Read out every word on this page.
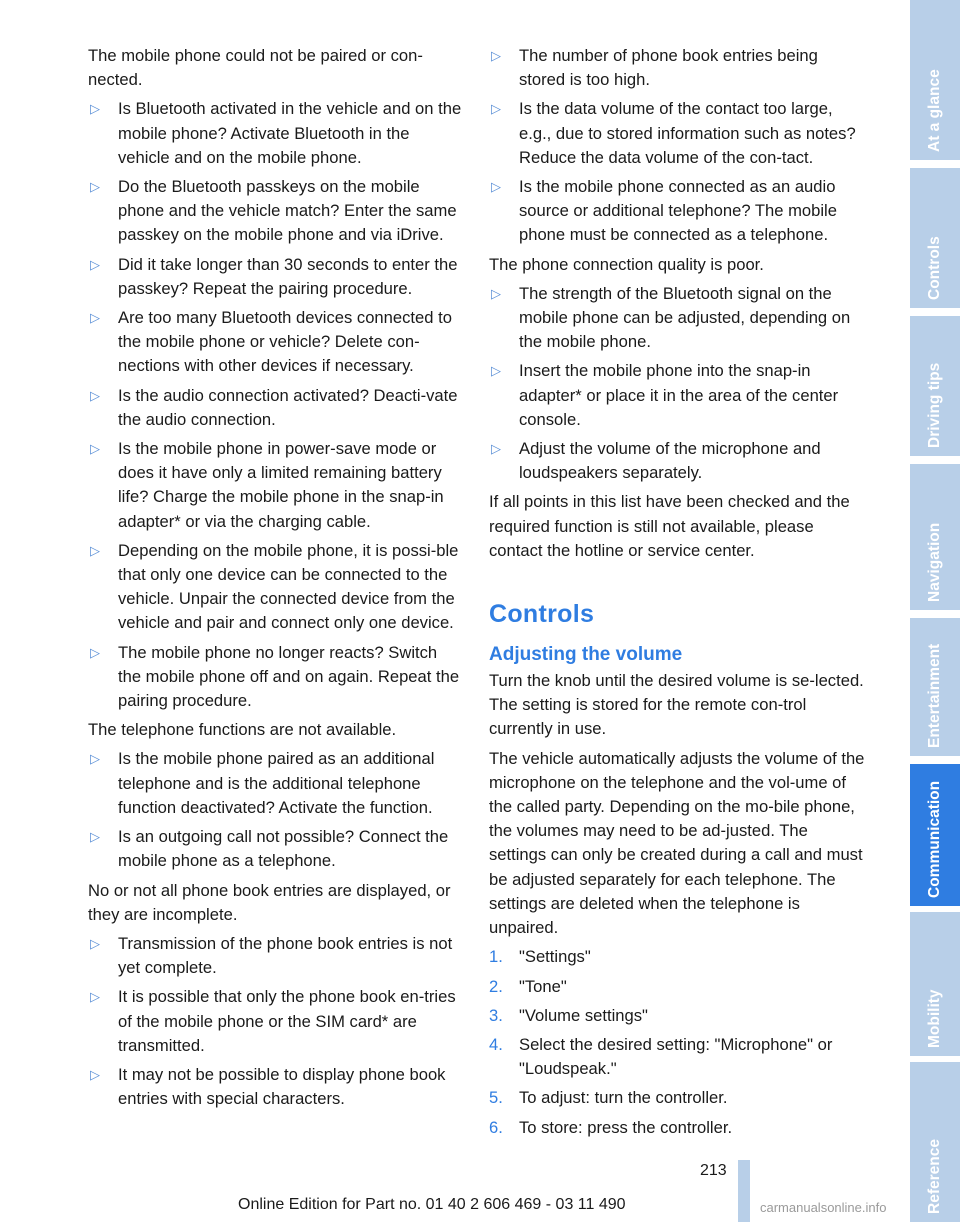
The mobile phone could not be paired or con-nected.
▷ Is Bluetooth activated in the vehicle and on the mobile phone? Activate Bluetooth in the vehicle and on the mobile phone.
▷ Do the Bluetooth passkeys on the mobile phone and the vehicle match? Enter the same passkey on the mobile phone and via iDrive.
▷ Did it take longer than 30 seconds to enter the passkey? Repeat the pairing procedure.
▷ Are too many Bluetooth devices connected to the mobile phone or vehicle? Delete con-nections with other devices if necessary.
▷ Is the audio connection activated? Deacti-vate the audio connection.
▷ Is the mobile phone in power-save mode or does it have only a limited remaining battery life? Charge the mobile phone in the snap-in adapter* or via the charging cable.
▷ Depending on the mobile phone, it is possi-ble that only one device can be connected to the vehicle. Unpair the connected device from the vehicle and pair and connect only one device.
▷ The mobile phone no longer reacts? Switch the mobile phone off and on again. Repeat the pairing procedure.
The telephone functions are not available.
▷ Is the mobile phone paired as an additional telephone and is the additional telephone function deactivated? Activate the function.
▷ Is an outgoing call not possible? Connect the mobile phone as a telephone.
No or not all phone book entries are displayed, or they are incomplete.
▷ Transmission of the phone book entries is not yet complete.
▷ It is possible that only the phone book en-tries of the mobile phone or the SIM card* are transmitted.
▷ It may not be possible to display phone book entries with special characters.
▷ The number of phone book entries being stored is too high.
▷ Is the data volume of the contact too large, e.g., due to stored information such as notes? Reduce the data volume of the con-tact.
▷ Is the mobile phone connected as an audio source or additional telephone? The mobile phone must be connected as a telephone.
The phone connection quality is poor.
▷ The strength of the Bluetooth signal on the mobile phone can be adjusted, depending on the mobile phone.
▷ Insert the mobile phone into the snap-in adapter* or place it in the area of the center console.
▷ Adjust the volume of the microphone and loudspeakers separately.
If all points in this list have been checked and the required function is still not available, please contact the hotline or service center.
Controls
Adjusting the volume
Turn the knob until the desired volume is se-lected. The setting is stored for the remote con-trol currently in use.
The vehicle automatically adjusts the volume of the microphone on the telephone and the vol-ume of the called party. Depending on the mo-bile phone, the volumes may need to be ad-justed. The settings can only be created during a call and must be adjusted separately for each telephone. The settings are deleted when the telephone is unpaired.
1. "Settings"
2. "Tone"
3. "Volume settings"
4. Select the desired setting: "Microphone" or "Loudspeak."
5. To adjust: turn the controller.
6. To store: press the controller.
At a glance
Controls
Driving tips
Navigation
Entertainment
Communication
Mobility
Reference
213
Online Edition for Part no. 01 40 2 606 469 - 03 11 490	carmanualsonline.info
